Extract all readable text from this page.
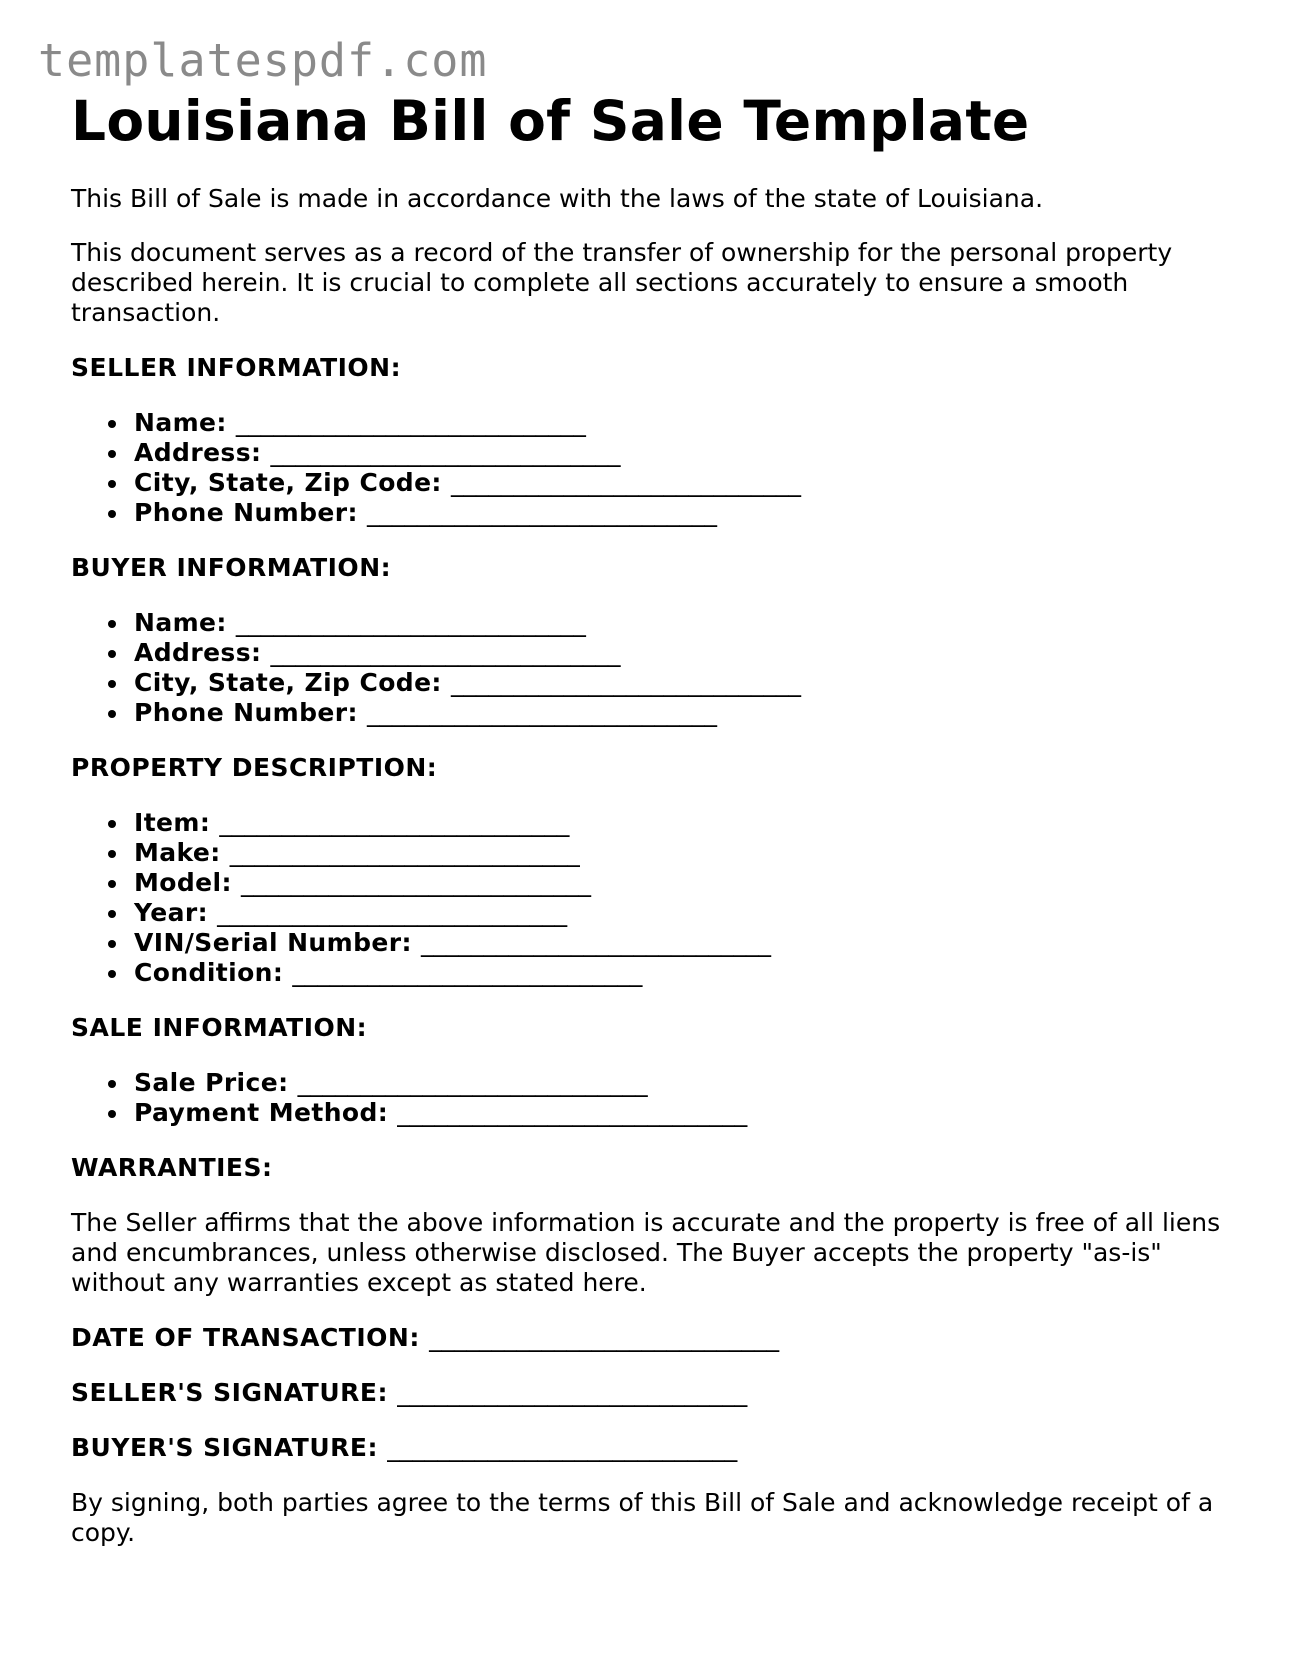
templatespdf.com
Louisiana Bill of Sale Template

This Bill of Sale is made in accordance with the laws of the state of Louisiana.

This document serves as a record of the transfer of ownership for the personal property described herein. It is crucial to complete all sections accurately to ensure a smooth transaction.

SELLER INFORMATION:
Name: ____________________________
Address: ____________________________
City, State, Zip Code: ____________________________
Phone Number: ____________________________
BUYER INFORMATION:
Name: ____________________________
Address: ____________________________
City, State, Zip Code: ____________________________
Phone Number: ____________________________
PROPERTY DESCRIPTION:
Item: ____________________________
Make: ____________________________
Model: ____________________________
Year: ____________________________
VIN/Serial Number: ____________________________
Condition: ____________________________
SALE INFORMATION:
Sale Price: ____________________________
Payment Method: ____________________________
WARRANTIES:

The Seller affirms that the above information is accurate and the property is free of all liens and encumbrances, unless otherwise disclosed. The Buyer accepts the property "as-is" without any warranties except as stated here.

DATE OF TRANSACTION: ____________________________
SELLER'S SIGNATURE: ____________________________
BUYER'S SIGNATURE: ____________________________

By signing, both parties agree to the terms of this Bill of Sale and acknowledge receipt of a copy.
